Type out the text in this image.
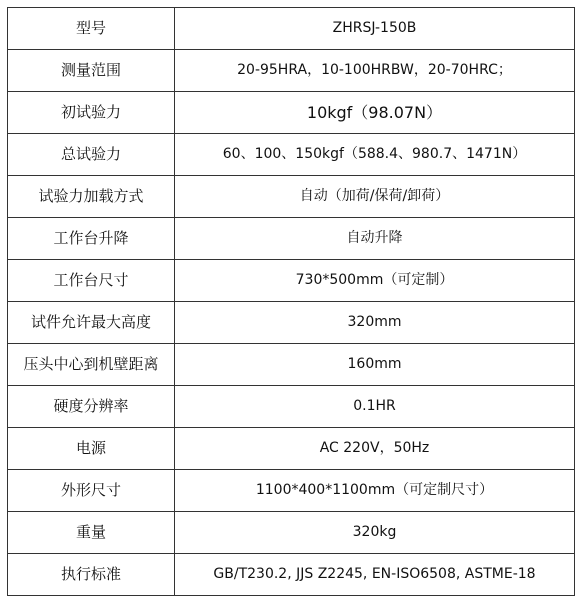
型号	ZHRSJ-150B
测量范围	20-95HRA，10-100HRBW，20-70HRC；
初试验力	10kgf（98.07N）
总试验力	60、100、150kgf（588.4、980.7、1471N）
试验力加载方式	自动（加荷/保荷/卸荷）
工作台升降	自动升降
工作台尺寸	730*500mm（可定制）
试件允许最大高度	320mm
压头中心到机壁距离	160mm
硬度分辨率	0.1HR
电源	AC 220V，50Hz
外形尺寸	1100*400*1100mm（可定制尺寸）
重量	320kg
执行标准	GB/T230.2, JJS Z2245, EN-ISO6508, ASTME-18
